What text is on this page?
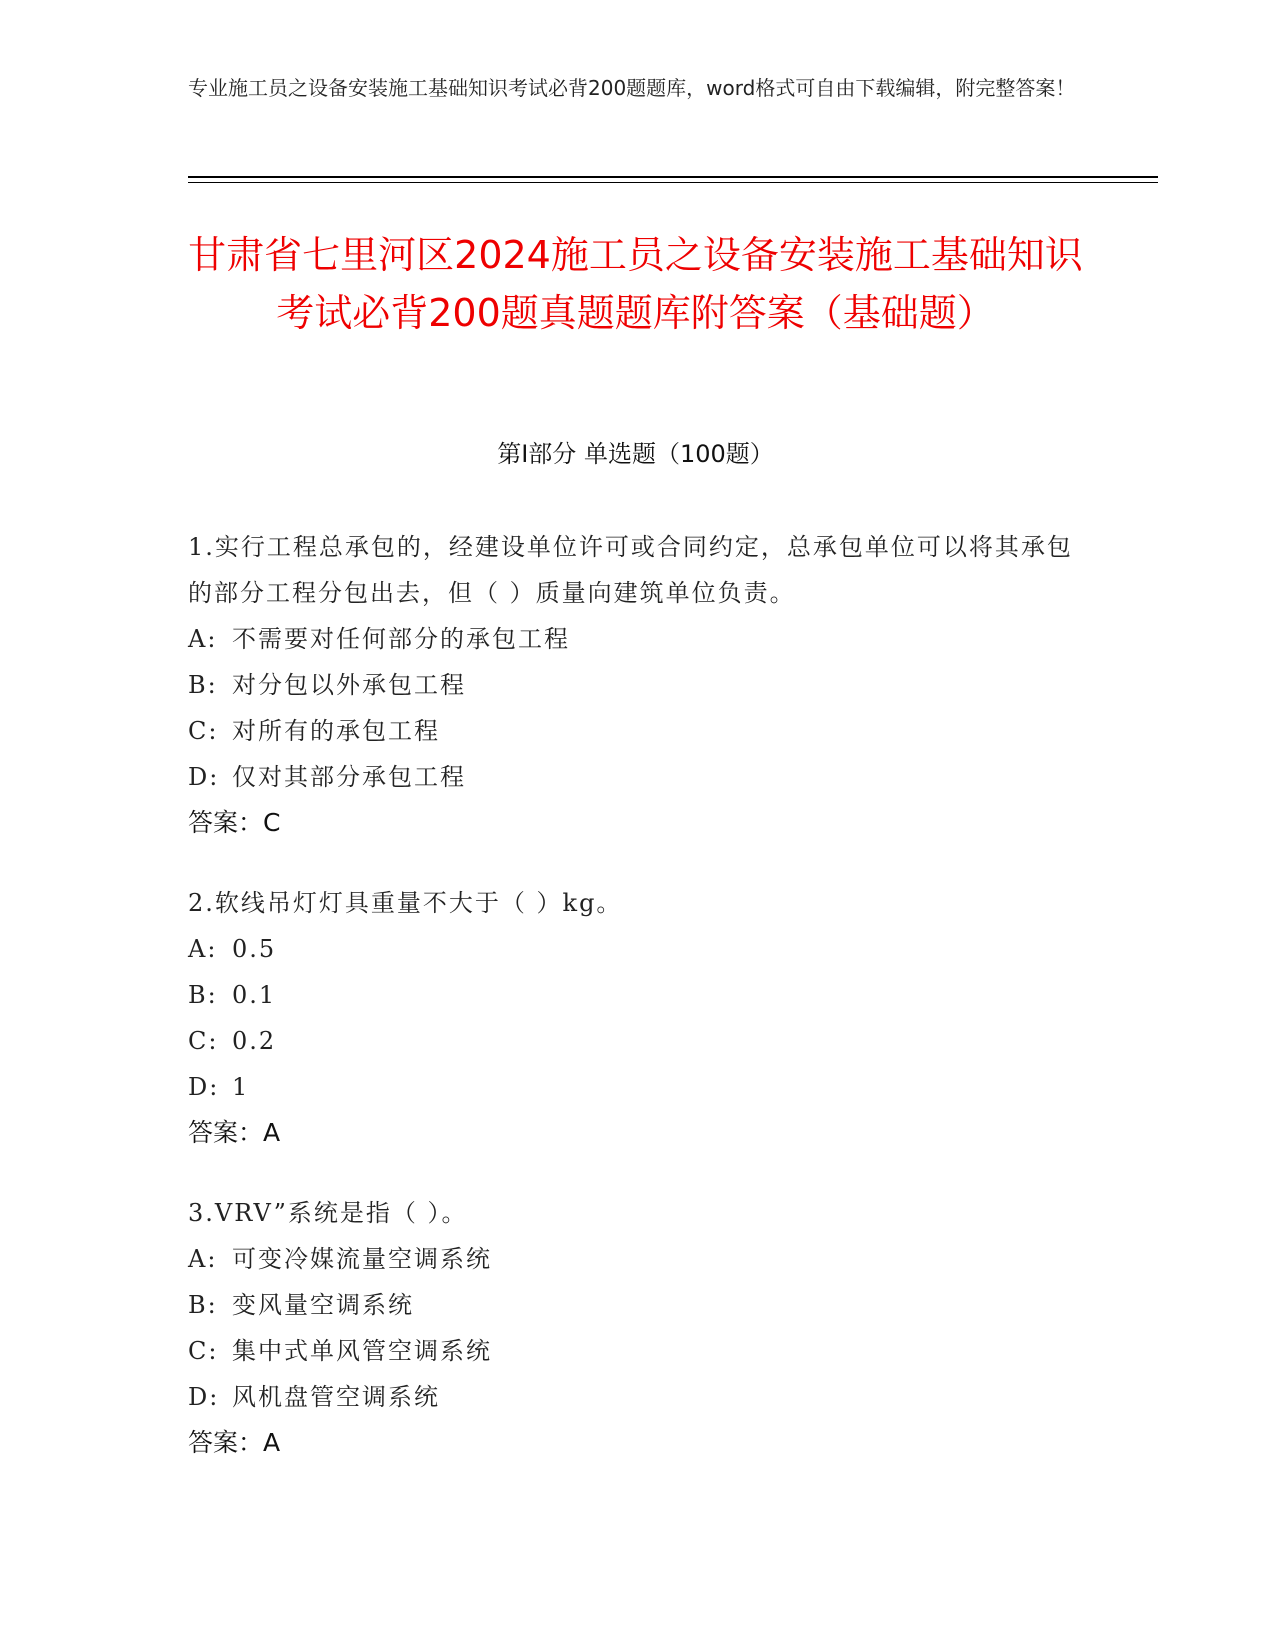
专业施工员之设备安装施工基础知识考试必背200题题库，word格式可自由下载编辑，附完整答案！
甘肃省七里河区2024施工员之设备安装施工基础知识考试必背200题真题题库附答案（基础题）
第Ⅰ部分 单选题（100题）
1.实行工程总承包的，经建设单位许可或合同约定，总承包单位可以将其承包的部分工程分包出去，但（ ）质量向建筑单位负责。
A: 不需要对任何部分的承包工程
B: 对分包以外承包工程
C: 对所有的承包工程
D: 仅对其部分承包工程
答案：C
2.软线吊灯灯具重量不大于（ ）kg。
A: 0.5
B: 0.1
C: 0.2
D: 1
答案：A
3.VRV”系统是指（ ）。
A: 可变冷媒流量空调系统
B: 变风量空调系统
C: 集中式单风管空调系统
D: 风机盘管空调系统
答案：A
